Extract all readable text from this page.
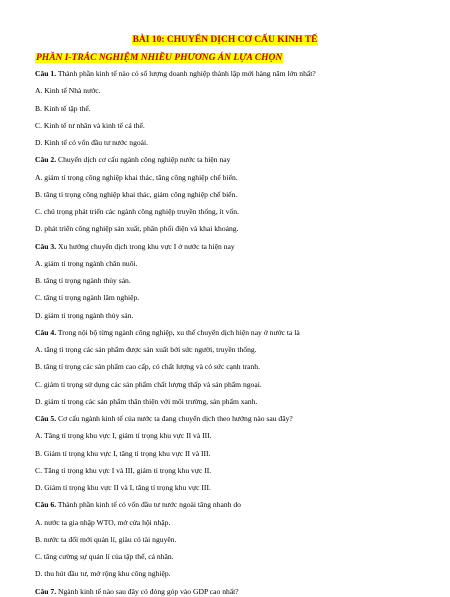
BÀI 10: CHUYỂN DỊCH CƠ CẤU KINH TẾ
PHẦN I-TRẮC NGHIỆM NHIỀU PHƯƠNG ÁN LỰA CHỌN
Câu 1. Thành phần kinh tế nào có số lượng doanh nghiệp thành lập mới hàng năm lớn nhất?
A. Kinh tế Nhà nước.
B. Kinh tế tập thể.
C. Kinh tế tư nhân và kinh tế cá thể.
D. Kinh tế có vốn đầu tư nước ngoài.
Câu 2. Chuyển dịch cơ cấu ngành công nghiệp nước ta hiện nay
A. giảm tỉ trọng công nghiệp khai thác, tăng công nghiệp chế biến.
B. tăng tỉ trọng công nghiệp khai thác, giảm công nghiệp chế biến.
C. chú trọng phát triển các ngành công nghiệp truyền thống, ít vốn.
D. phát triển công nghiệp sản xuất, phân phối điện và khai khoáng.
Câu 3. Xu hướng chuyển dịch trong khu vực I ở nước ta hiện nay
A. giảm tỉ trọng ngành chăn nuôi.
B. tăng tỉ trọng ngành thủy sản.
C. tăng tỉ trọng ngành lâm nghiệp.
D. giảm tỉ trọng ngành thủy sản.
Câu 4. Trong nội bộ từng ngành công nghiệp, xu thế chuyển dịch hiện nay ở nước ta là
A. tăng tỉ trọng các sản phẩm được sản xuất bởi sức người, truyền thống.
B. tăng tỉ trọng các sản phẩm cao cấp, có chất lượng và có sức cạnh tranh.
C. giảm tỉ trọng sử dụng các sản phẩm chất lượng thấp và sản phẩm ngoại.
D. giảm tỉ trọng các sản phẩm thân thiện với môi trường, sản phẩm xanh.
Câu 5. Cơ cấu ngành kinh tế của nước ta đang chuyển dịch theo hướng nào sau đây?
A. Tăng tỉ trọng khu vực I, giảm tỉ trọng khu vực II và III.
B. Giảm tỉ trọng khu vực I, tăng tỉ trọng khu vực II và III.
C. Tăng tỉ trọng khu vực I và III, giảm tỉ trọng khu vực II.
D. Giảm tỉ trọng khu vực II và I, tăng tỉ trọng khu vực III.
Câu 6. Thành phần kinh tế có vốn đầu tư nước ngoài tăng nhanh do
A. nước ta gia nhập WTO, mở cửa hội nhập.
B. nước ta đổi mới quản lí, giàu có tài nguyên.
C. tăng cường sự quản lí của tập thể, cá nhân.
D. thu hút đầu tư, mở rộng khu công nghiệp.
Câu 7. Ngành kinh tế nào sau đây có đóng góp vào GDP cao nhất?
